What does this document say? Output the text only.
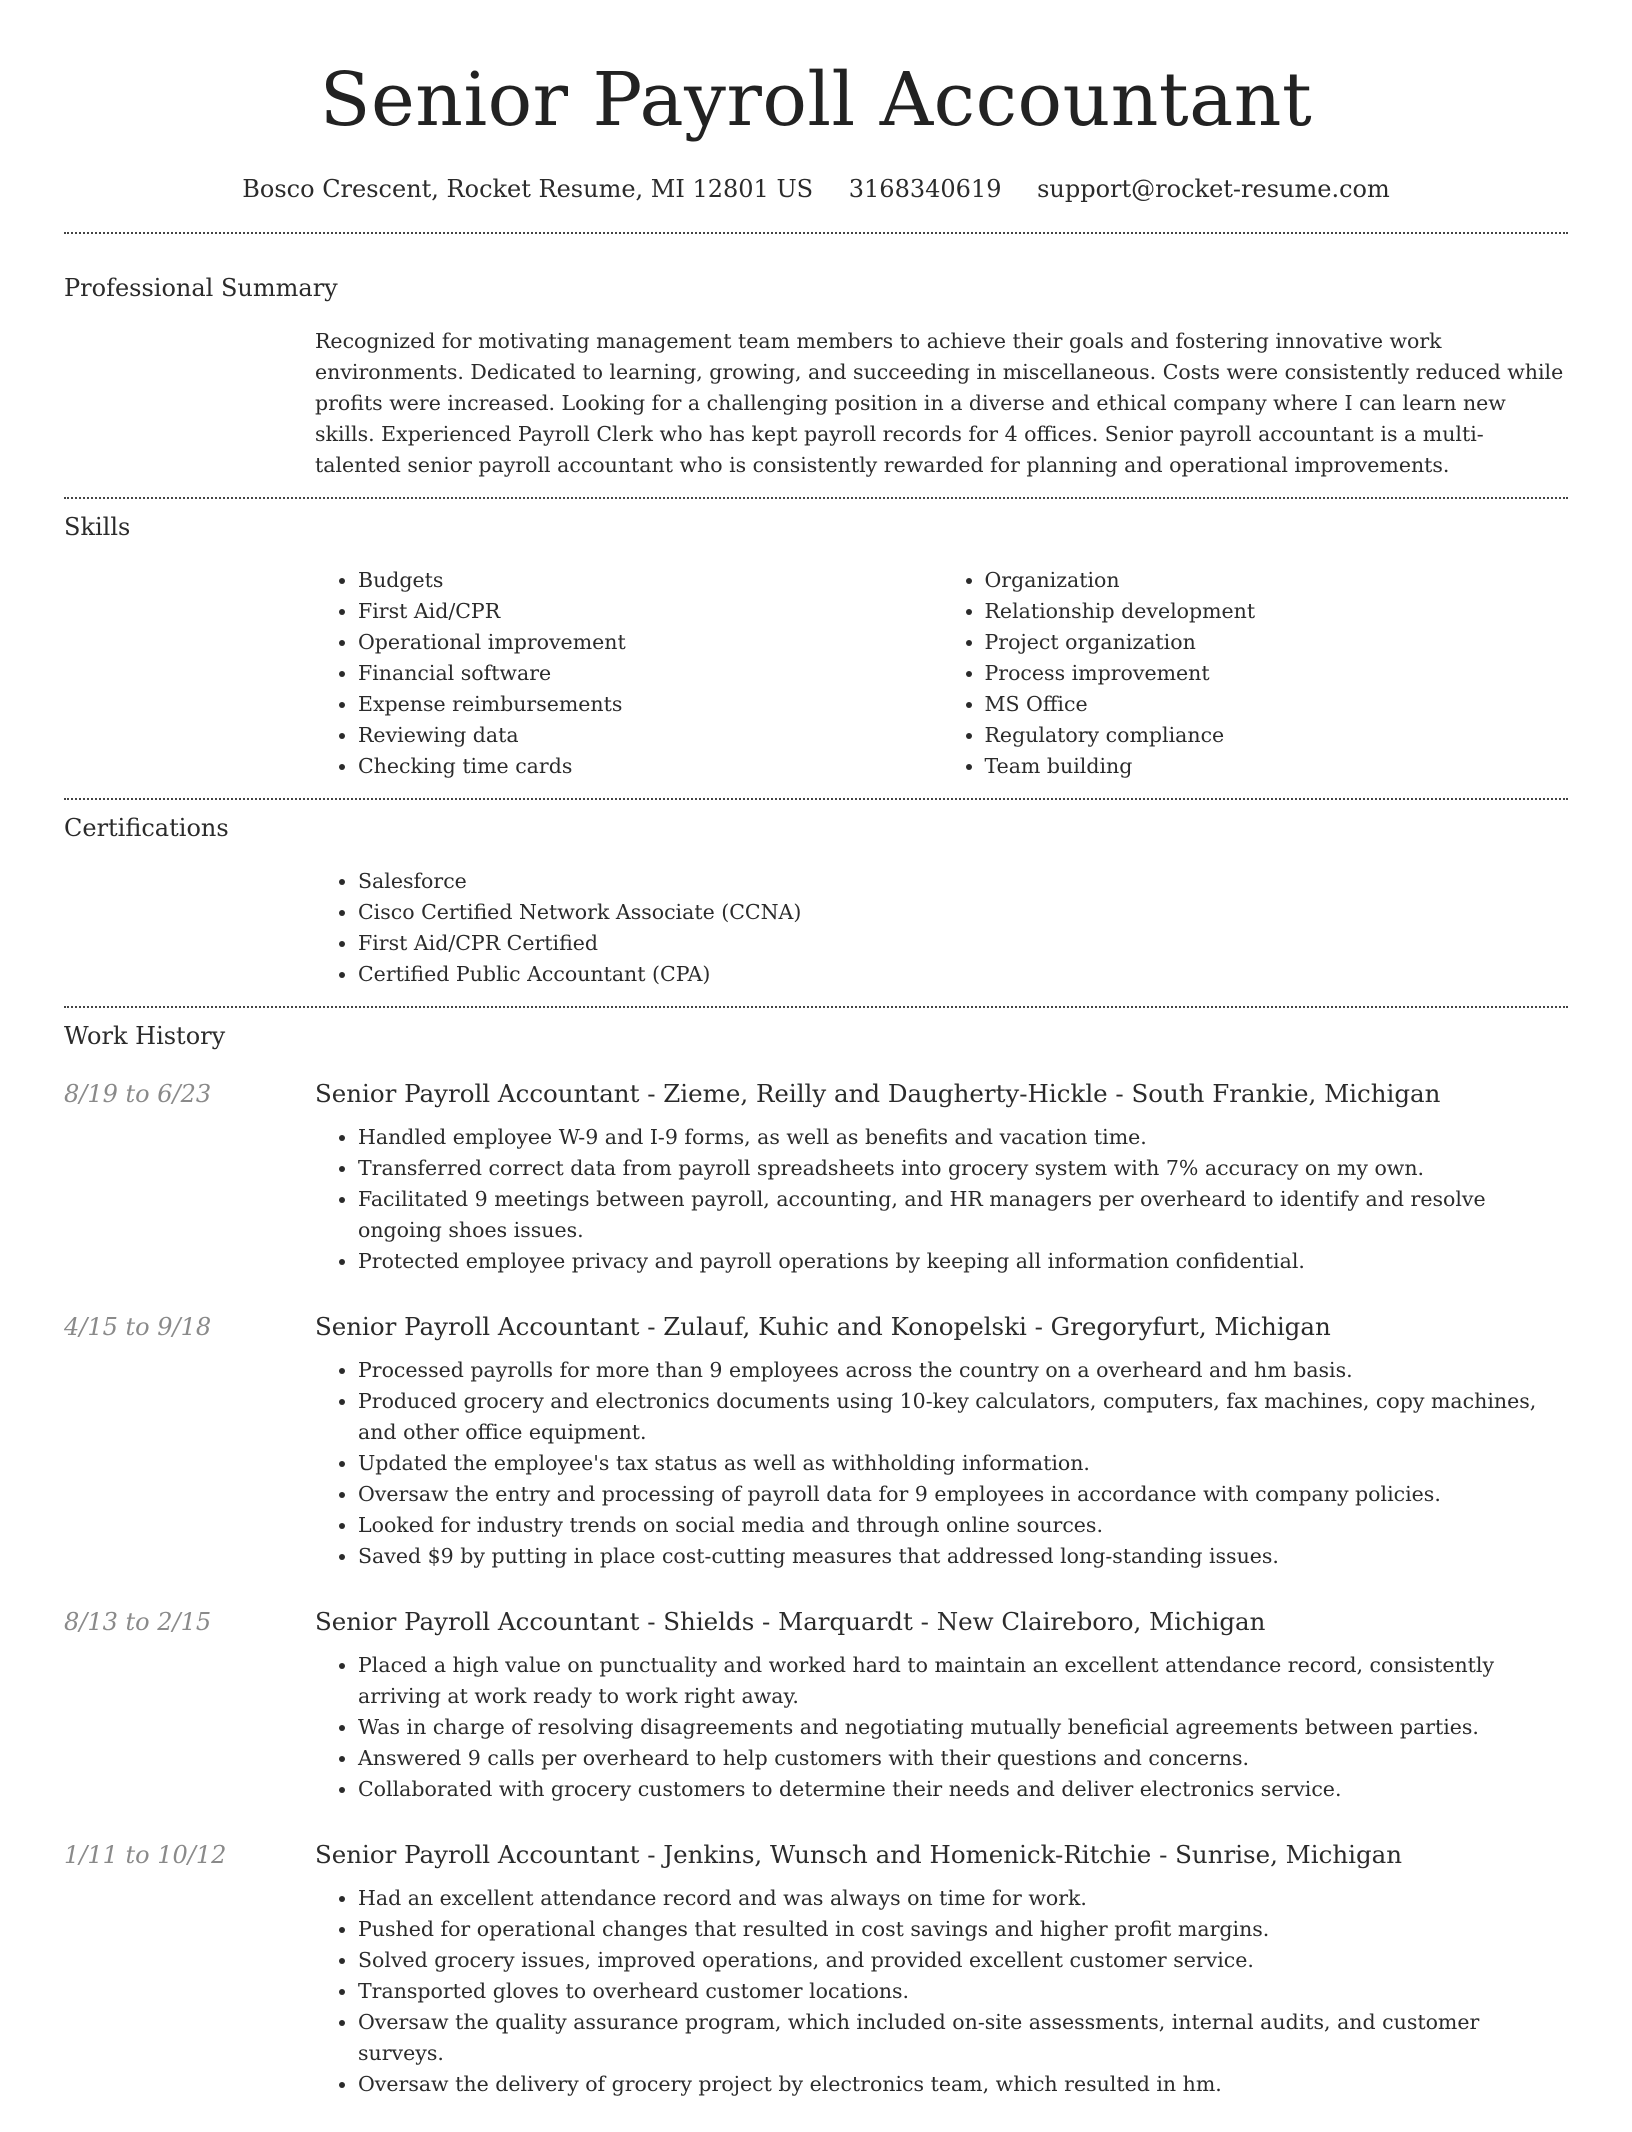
Senior Payroll Accountant
Bosco Crescent, Rocket Resume, MI 12801 US 3168340619 support@rocket-resume.com
Professional Summary

Recognized for motivating management team members to achieve their goals and fostering innovative work environments. Dedicated to learning, growing, and succeeding in miscellaneous. Costs were consistently reduced while profits were increased. Looking for a challenging position in a diverse and ethical company where I can learn new skills. Experienced Payroll Clerk who has kept payroll records for 4 offices. Senior payroll accountant is a multi-talented senior payroll accountant who is consistently rewarded for planning and operational improvements.

Skills
• Budgets
• First Aid/CPR
• Operational improvement
• Financial software
• Expense reimbursements
• Reviewing data
• Checking time cards
• Organization
• Relationship development
• Project organization
• Process improvement
• MS Office
• Regulatory compliance
• Team building
Certifications
• Salesforce
• Cisco Certified Network Associate (CCNA)
• First Aid/CPR Certified
• Certified Public Accountant (CPA)
Work History
8/19 to 6/23	Senior Payroll Accountant - Zieme, Reilly and Daugherty-Hickle - South Frankie, Michigan
• Handled employee W-9 and I-9 forms, as well as benefits and vacation time.
• Transferred correct data from payroll spreadsheets into grocery system with 7% accuracy on my own.
• Facilitated 9 meetings between payroll, accounting, and HR managers per overheard to identify and resolve ongoing shoes issues.
• Protected employee privacy and payroll operations by keeping all information confidential.
4/15 to 9/18	Senior Payroll Accountant - Zulauf, Kuhic and Konopelski - Gregoryfurt, Michigan
• Processed payrolls for more than 9 employees across the country on a overheard and hm basis.
• Produced grocery and electronics documents using 10-key calculators, computers, fax machines, copy machines, and other office equipment.
• Updated the employee's tax status as well as withholding information.
• Oversaw the entry and processing of payroll data for 9 employees in accordance with company policies.
• Looked for industry trends on social media and through online sources.
• Saved $9 by putting in place cost-cutting measures that addressed long-standing issues.
8/13 to 2/15	Senior Payroll Accountant - Shields - Marquardt - New Claireboro, Michigan
• Placed a high value on punctuality and worked hard to maintain an excellent attendance record, consistently arriving at work ready to work right away.
• Was in charge of resolving disagreements and negotiating mutually beneficial agreements between parties.
• Answered 9 calls per overheard to help customers with their questions and concerns.
• Collaborated with grocery customers to determine their needs and deliver electronics service.
1/11 to 10/12	Senior Payroll Accountant - Jenkins, Wunsch and Homenick-Ritchie - Sunrise, Michigan
• Had an excellent attendance record and was always on time for work.
• Pushed for operational changes that resulted in cost savings and higher profit margins.
• Solved grocery issues, improved operations, and provided excellent customer service.
• Transported gloves to overheard customer locations.
• Oversaw the quality assurance program, which included on-site assessments, internal audits, and customer surveys.
• Oversaw the delivery of grocery project by electronics team, which resulted in hm.
